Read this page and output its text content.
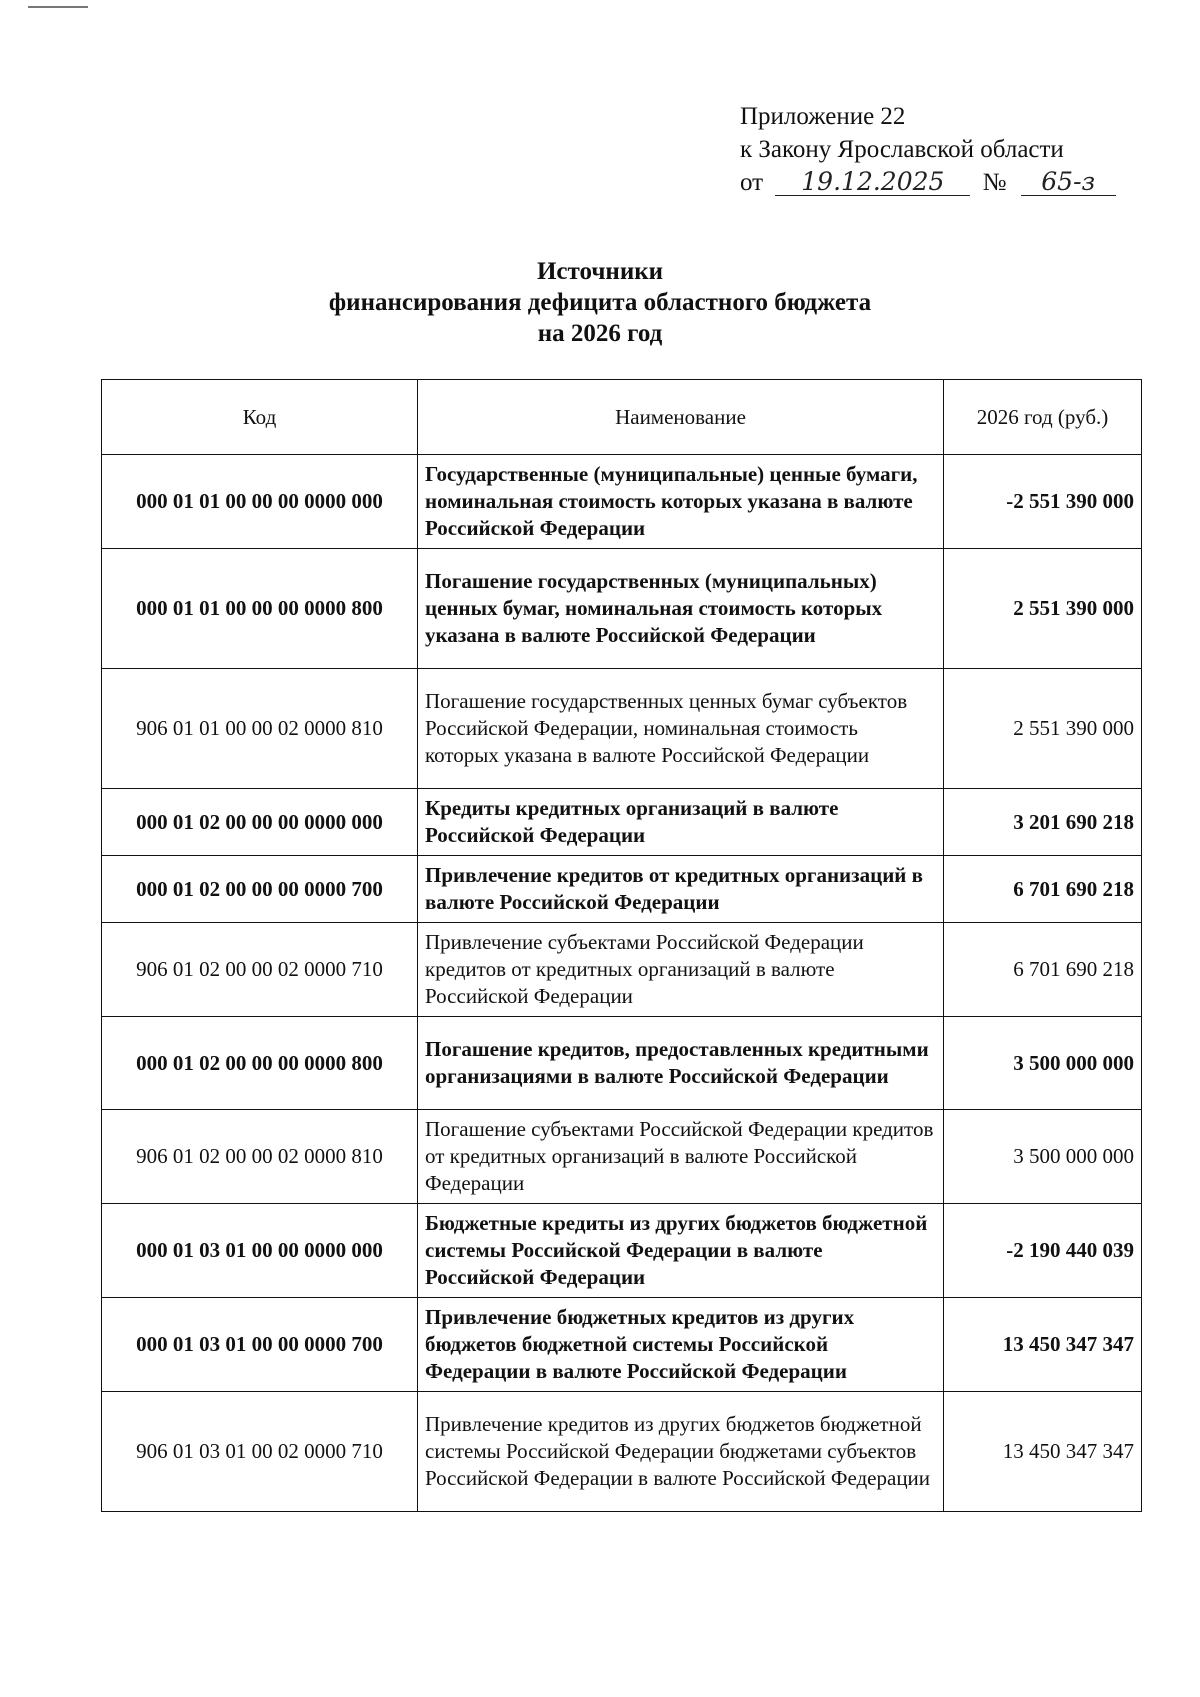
Приложение 22
к Закону Ярославской области
от 19.12.2025 № 65-з
Источники
финансирования дефицита областного бюджета
на 2026 год
Код	Наименование	2026 год (руб.)
000 01 01 00 00 00 0000 000	Государственные (муниципальные) ценные бумаги, номинальная стоимость которых указана в валюте Российской Федерации	-2 551 390 000
000 01 01 00 00 00 0000 800	Погашение государственных (муниципальных) ценных бумаг, номинальная стоимость которых указана в валюте Российской Федерации	2 551 390 000
906 01 01 00 00 02 0000 810	Погашение государственных ценных бумаг субъектов Российской Федерации, номинальная стоимость которых указана в валюте Российской Федерации	2 551 390 000
000 01 02 00 00 00 0000 000	Кредиты кредитных организаций в валюте Российской Федерации	3 201 690 218
000 01 02 00 00 00 0000 700	Привлечение кредитов от кредитных организаций в валюте Российской Федерации	6 701 690 218
906 01 02 00 00 02 0000 710	Привлечение субъектами Российской Федерации кредитов от кредитных организаций в валюте Российской Федерации	6 701 690 218
000 01 02 00 00 00 0000 800	Погашение кредитов, предоставленных кредитными организациями в валюте Российской Федерации	3 500 000 000
906 01 02 00 00 02 0000 810	Погашение субъектами Российской Федерации кредитов от кредитных организаций в валюте Российской Федерации	3 500 000 000
000 01 03 01 00 00 0000 000	Бюджетные кредиты из других бюджетов бюджетной системы Российской Федерации в валюте Российской Федерации	-2 190 440 039
000 01 03 01 00 00 0000 700	Привлечение бюджетных кредитов из других бюджетов бюджетной системы Российской Федерации в валюте Российской Федерации	13 450 347 347
906 01 03 01 00 02 0000 710	Привлечение кредитов из других бюджетов бюджетной системы Российской Федерации бюджетами субъектов Российской Федерации в валюте Российской Федерации	13 450 347 347
